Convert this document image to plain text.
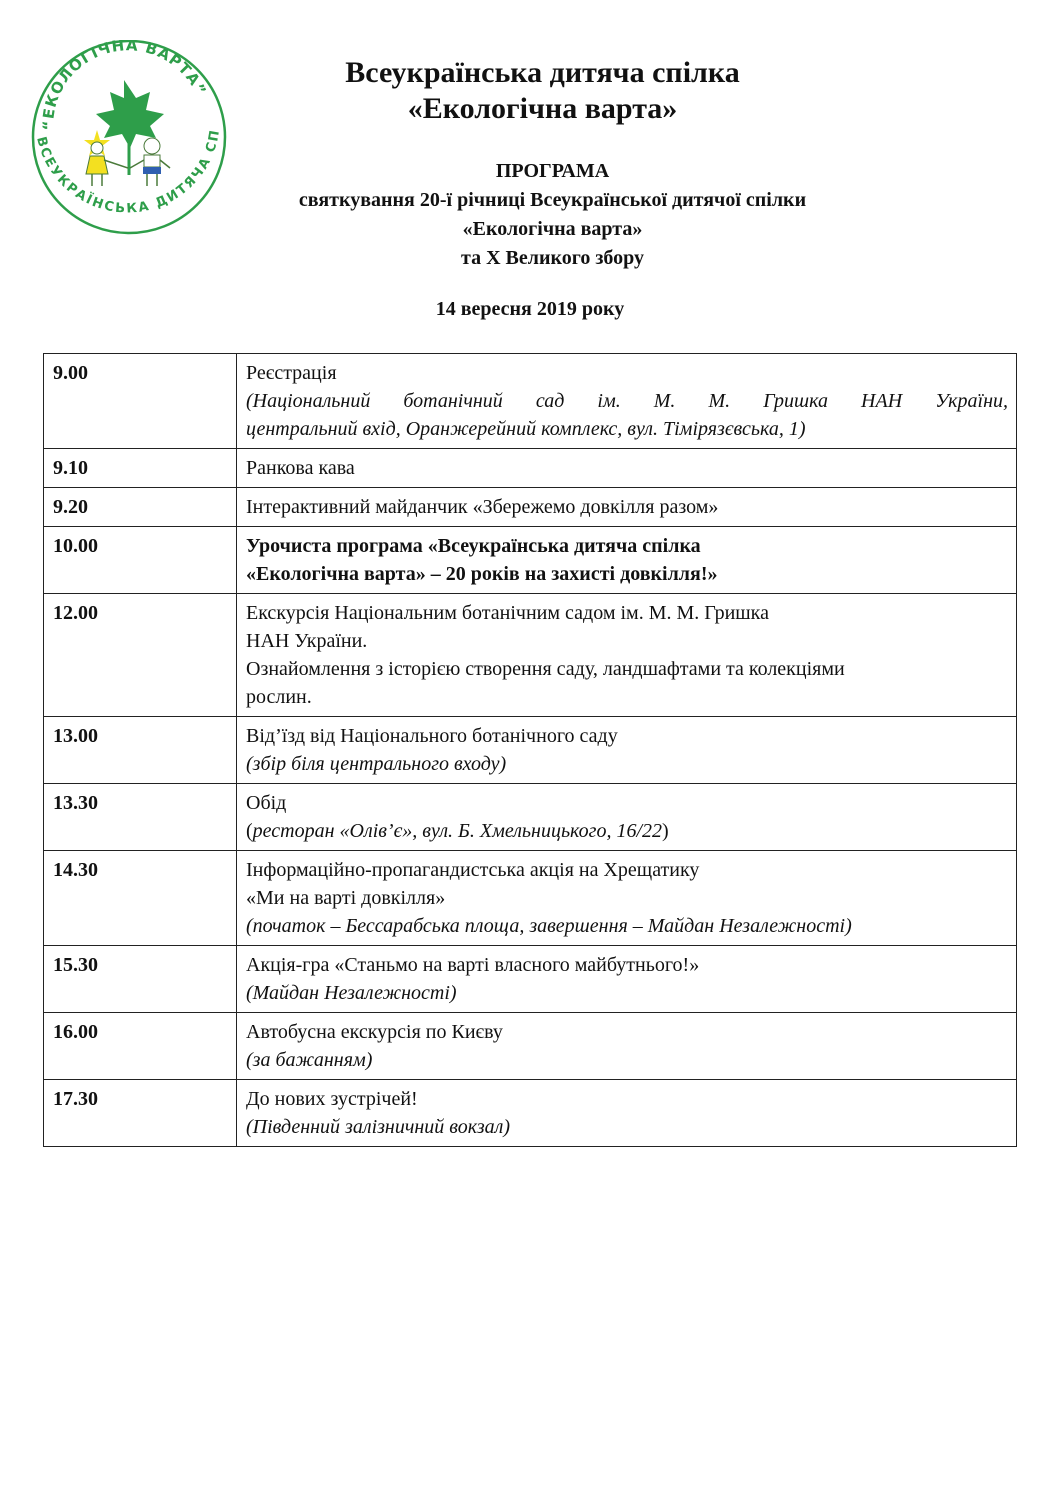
“ЕКОЛОГІЧНА ВАРТА”
ВСЕУКРАЇНСЬКА ДИТЯЧА СП
Всеукраїнська дитяча спілка
«Екологічна варта»
ПРОГРАМА
святкування 20-ї річниці Всеукраїнської дитячої спілки
«Екологічна варта»
та Х Великого збору
14 вересня 2019 року
9.00	Реєстрація
(Національний ботанічний сад ім. М. М. Гришка НАН України,
центральний вхід, Оранжерейний комплекс, вул. Тімірязєвська, 1)

9.10	Ранкова кава

9.20	Інтерактивний майданчик «Збережемо довкілля разом»

10.00	Урочиста програма «Всеукраїнська дитяча спілка
«Екологічна варта» – 20 років на захисті довкілля!»

12.00	Екскурсія Національним ботанічним садом ім. М. М. Гришка
НАН України.
Ознайомлення з історією створення саду, ландшафтами та колекціями
рослин.

13.00	Від’їзд від Національного ботанічного саду
(збір біля центрального входу)

13.30	Обід
(ресторан «Олів’є», вул. Б. Хмельницького, 16/22)

14.30	Інформаційно-пропагандистська акція на Хрещатику
«Ми на варті довкілля»
(початок – Бессарабська площа, завершення – Майдан Незалежності)

15.30	Акція-гра «Станьмо на варті власного майбутнього!»
(Майдан Незалежності)

16.00	Автобусна екскурсія по Києву
(за бажанням)

17.30	До нових зустрічей!
(Південний залізничний вокзал)
